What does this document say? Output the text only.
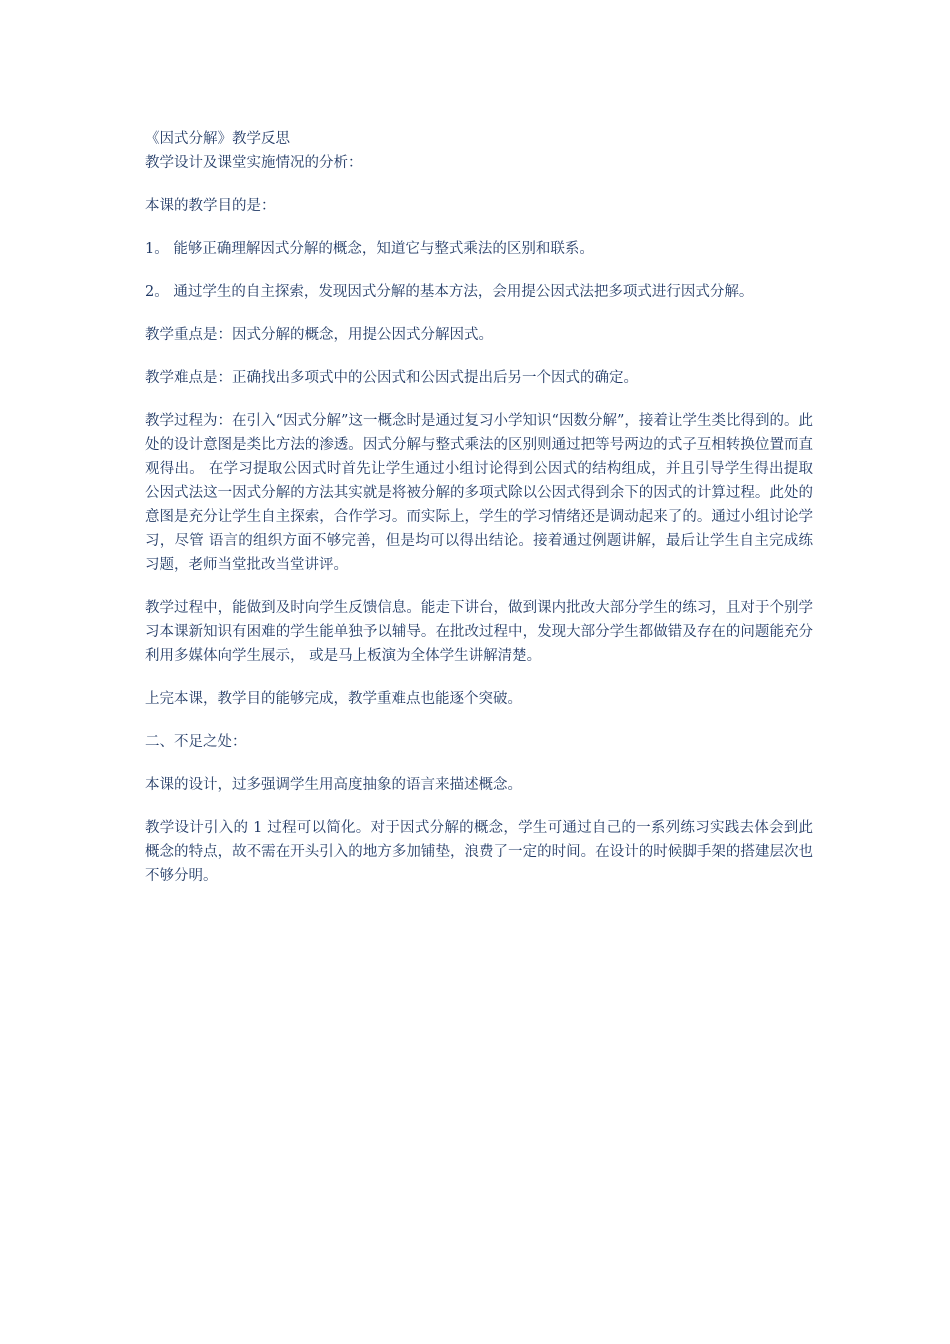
《因式分解》教学反思

教学设计及课堂实施情况的分析：

本课的教学目的是：

1。 能够正确理解因式分解的概念，知道它与整式乘法的区别和联系。

2。 通过学生的自主探索，发现因式分解的基本方法，会用提公因式法把多项式进行因式分解。

教学重点是：因式分解的概念，用提公因式分解因式。

教学难点是：正确找出多项式中的公因式和公因式提出后另一个因式的确定。

教学过程为：在引入“因式分解”这一概念时是通过复习小学知识“因数分解”，接着让学生类比得到的。此处的设计意图是类比方法的渗透。因式分解与整式乘法的区别则通过把等号两边的式子互相转换位置而直观得出。 在学习提取公因式时首先让学生通过小组讨论得到公因式的结构组成，并且引导学生得出提取公因式法这一因式分解的方法其实就是将被分解的多项式除以公因式得到余下的因式的计算过程。此处的意图是充分让学生自主探索，合作学习。而实际上，学生的学习情绪还是调动起来了的。通过小组讨论学习，尽管 语言的组织方面不够完善，但是均可以得出结论。接着通过例题讲解，最后让学生自主完成练习题，老师当堂批改当堂讲评。

教学过程中，能做到及时向学生反馈信息。能走下讲台，做到课内批改大部分学生的练习，且对于个别学习本课新知识有困难的学生能单独予以辅导。在批改过程中，发现大部分学生都做错及存在的问题能充分利用多媒体向学生展示， 或是马上板演为全体学生讲解清楚。

上完本课，教学目的能够完成，教学重难点也能逐个突破。

二、不足之处：

本课的设计，过多强调学生用高度抽象的语言来描述概念。

教学设计引入的 1 过程可以简化。对于因式分解的概念，学生可通过自己的一系列练习实践去体会到此概念的特点，故不需在开头引入的地方多加铺垫，浪费了一定的时间。在设计的时候脚手架的搭建层次也不够分明。
